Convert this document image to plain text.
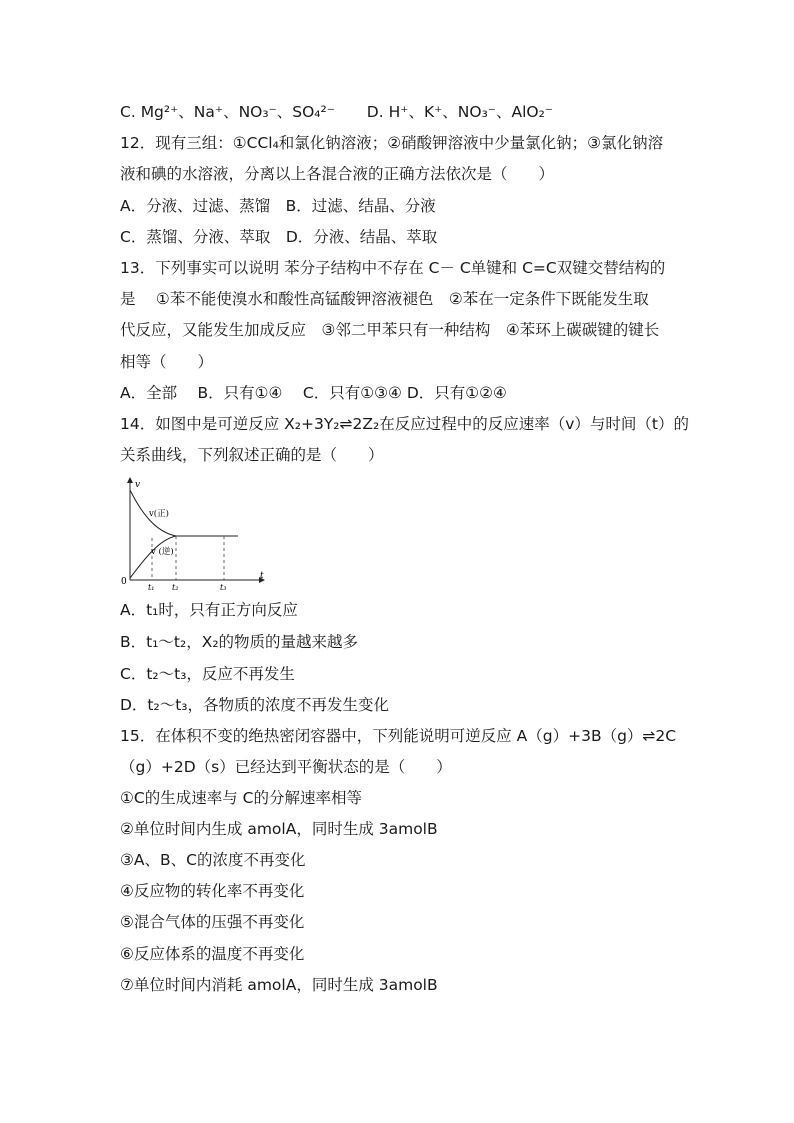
C. Mg²⁺、Na⁺、NO₃⁻、SO₄²⁻ D. H⁺、K⁺、NO₃⁻、AlO₂⁻
12．现有三组：①CCl₄和氯化钠溶液；②硝酸钾溶液中少量氯化钠；③氯化钠溶
液和碘的水溶液，分离以上各混合液的正确方法依次是（　　）
A．分液、过滤、蒸馏　B．过滤、结晶、分液
C．蒸馏、分液、萃取　D．分液、结晶、萃取
13．下列事实可以说明 苯分子结构中不存在 C－ C单键和 C=C双键交替结构的
是　 ①苯不能使溴水和酸性高锰酸钾溶液褪色　②苯在一定条件下既能发生取
代反应，又能发生加成反应　③邻二甲苯只有一种结构　④苯环上碳碳键的键长
相等（　　）
A．全部　 B．只有①④　 C．只有①③④ D．只有①②④
14．如图中是可逆反应 X₂+3Y₂⇌2Z₂在反应过程中的反应速率（v）与时间（t）的
关系曲线，下列叙述正确的是（　　）
v
t
0
v(正)
v (逆)
t₁ t₂	t₃
A．t₁时，只有正方向反应
B．t₁～t₂，X₂的物质的量越来越多
C．t₂～t₃，反应不再发生
D．t₂～t₃，各物质的浓度不再发生变化
15．在体积不变的绝热密闭容器中，下列能说明可逆反应 A（g）+3B（g）⇌2C
（g）+2D（s）已经达到平衡状态的是（　　）
①C的生成速率与 C的分解速率相等
②单位时间内生成 amolA，同时生成 3amolB
③A、B、C的浓度不再变化
④反应物的转化率不再变化
⑤混合气体的压强不再变化
⑥反应体系的温度不再变化
⑦单位时间内消耗 amolA，同时生成 3amolB
